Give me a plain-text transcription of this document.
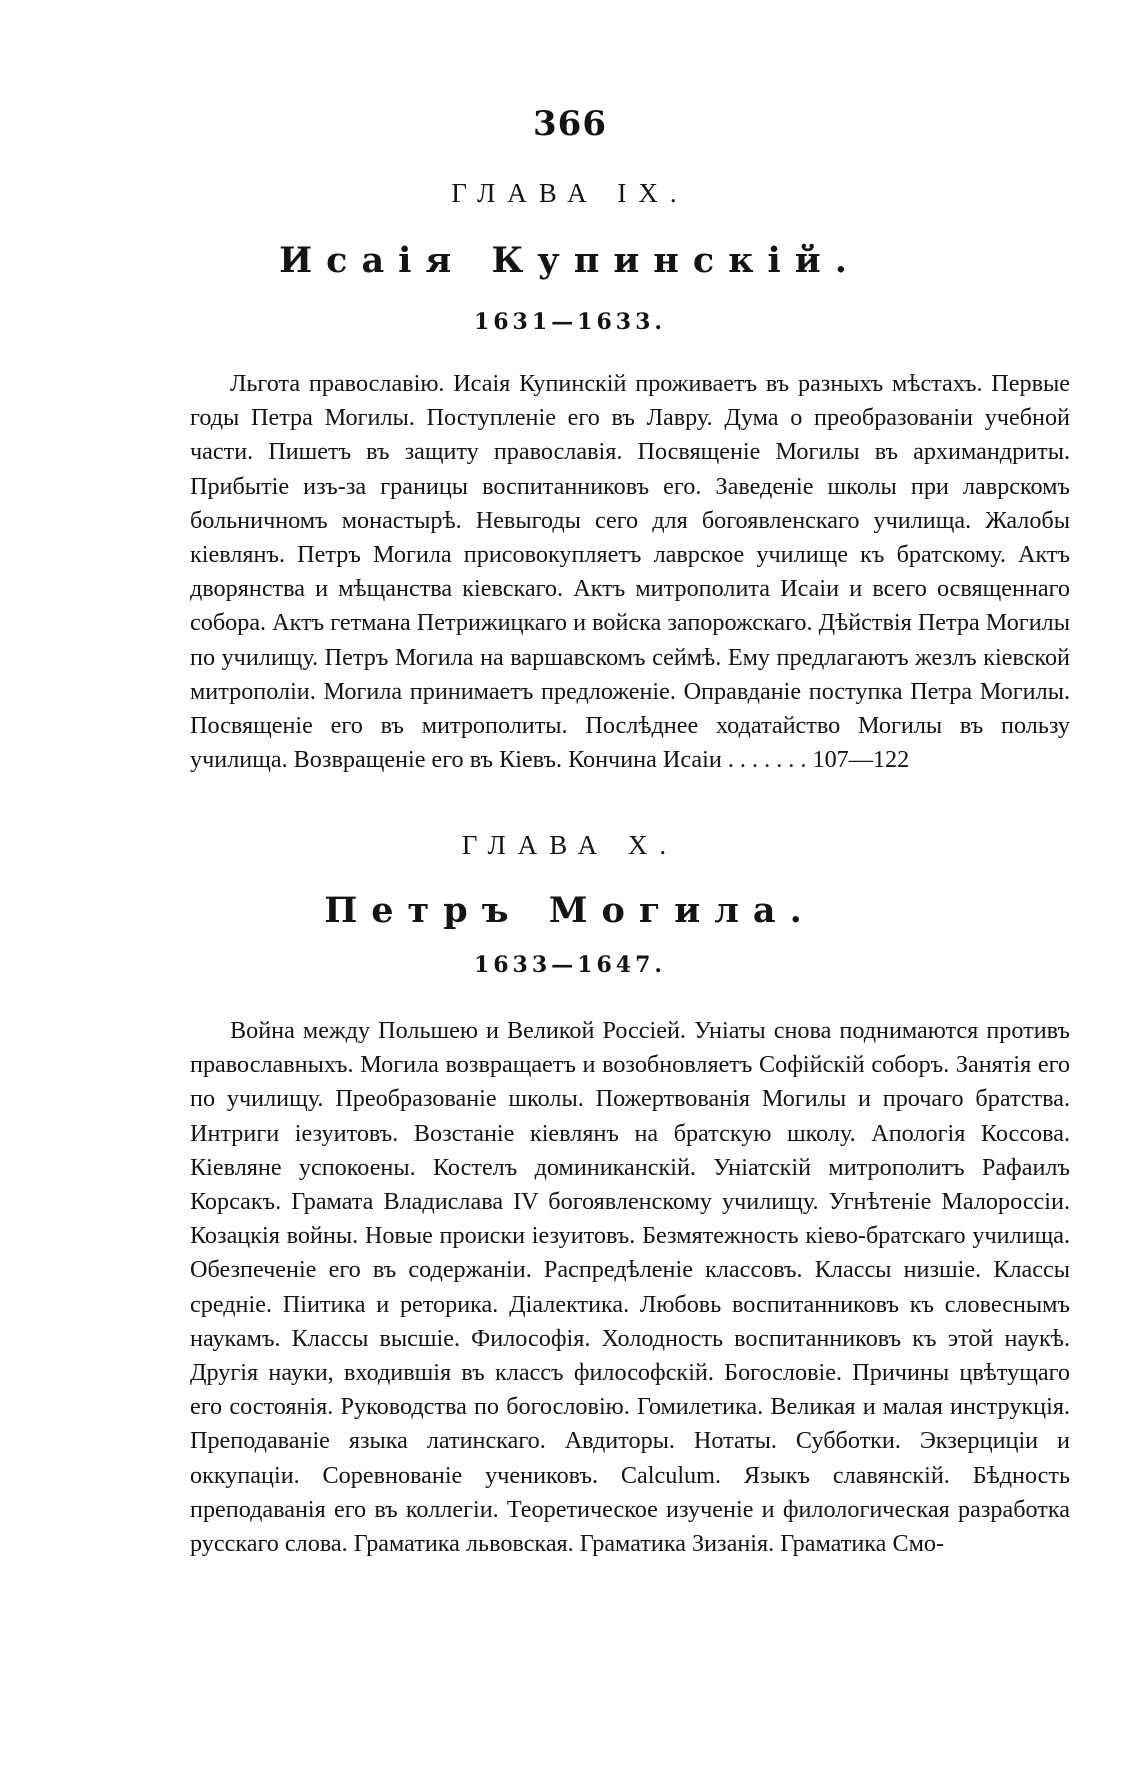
366
ГЛАВА IX.
Исаія Купинскій.
1631—1633.

Льгота православію. Исаія Купинскій проживаетъ въ разныхъ мѣстахъ. Первые годы Петра Могилы. Поступленіе его въ Лавру. Дума о преобразованіи учебной части. Пишетъ въ защиту православія. Посвященіе Могилы въ архимандриты. Прибытіе изъ-за границы воспитанниковъ его. Заведеніе школы при лаврскомъ больничномъ монастырѣ. Невыгоды сего для богоявленскаго училища. Жалобы кіевлянъ. Петръ Могила присовокупляетъ лаврское училище къ братскому. Актъ дворянства и мѣщанства кіевскаго. Актъ митрополита Исаіи и всего освященнаго собора. Актъ гетмана Петрижицкаго и войска запорожскаго. Дѣйствія Петра Могилы по училищу. Петръ Могила на варшавскомъ сеймѣ. Ему предлагаютъ жезлъ кіевской митрополіи. Могила принимаетъ предложеніе. Оправданіе поступка Петра Могилы. Посвященіе его въ митрополиты. Послѣднее ходатайство Могилы въ пользу училища. Возвращеніе его въ Кіевъ. Кончина Исаіи . . . . . . . 107—122

ГЛАВА Х.
Петръ Могила.
1633—1647.

Война между Польшею и Великой Россіей. Уніаты снова поднимаются противъ православныхъ. Могила возвращаетъ и возобновляетъ Софійскій соборъ. Занятія его по училищу. Преобразованіе школы. Пожертвованія Могилы и прочаго братства. Интриги іезуитовъ. Возстаніе кіевлянъ на братскую школу. Апологія Коссова. Кіевляне успокоены. Костелъ доминиканскій. Уніатскій митрополитъ Рафаилъ Корсакъ. Грамата Владислава IV богоявленскому училищу. Угнѣтеніе Малороссіи. Козацкія войны. Новые происки іезуитовъ. Безмятежность кіево-братскаго училища. Обезпеченіе его въ содержаніи. Распредѣленіе классовъ. Классы низшіе. Классы средніе. Піитика и реторика. Діалектика. Любовь воспитанниковъ къ словеснымъ наукамъ. Классы высшіе. Философія. Холодность воспитанниковъ къ этой наукѣ. Другія науки, входившія въ классъ философскій. Богословіе. Причины цвѣтущаго его состоянія. Руководства по богословію. Гомилетика. Великая и малая инструкція. Преподаваніе языка латинскаго. Авдиторы. Нотаты. Субботки. Экзерциціи и оккупаціи. Соревнованіе учениковъ. Calculum. Языкъ славянскій. Бѣдность преподаванія его въ коллегіи. Теоретическое изученіе и филологическая разработка русскаго слова. Граматика львовская. Граматика Зизанія. Граматика Смо-
